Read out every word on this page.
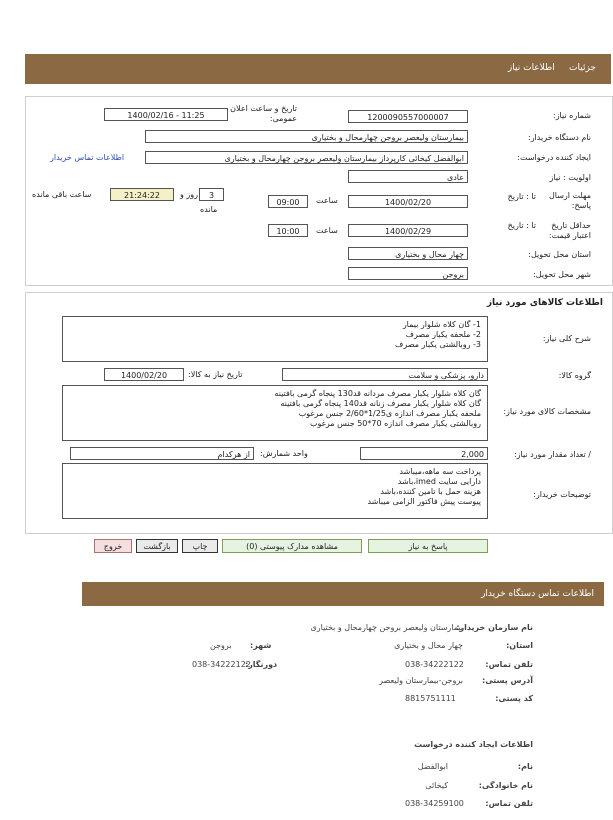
جزئیات     اطلاعات نیاز
شماره نیاز:
1200090557000007
تاریخ و ساعت اعلان عمومی:
1400/02/16 - 11:25
نام دستگاه خریدار:
بیمارستان ولیعصر بروجن چهارمحال و بختیاری
ایجاد کننده درخواست:
ابوالفضل کیخائی کارپرداز بیمارستان ولیعصر بروجن چهارمحال و بختیاری
اطلاعات تماس خریدار
اولویت : نیاز
عادی
مهلت ارسال پاسخ:
تا : تاریخ
1400/02/20
ساعت
09:00
3
روز و
مانده
21:24:22
ساعت باقی مانده
حداقل تاریخ اعتبار قیمت:
تا : تاریخ
1400/02/29
ساعت
10:00
استان محل تحویل:
چهار محال و بختیاری
شهر محل تحویل:
بروجن
اطلاعات کالاهای مورد نیاز
شرح کلی نیاز:
1- گان کلاه شلوار بیمار
2- ملحفه یکبار مصرف
3- روبالشتی یکبار مصرف
گروه کالا:
دارو، پزشکی و سلامت
تاریخ نیاز به کالا:
1400/02/20
مشخصات کالای مورد نیاز:
گان کلاه شلوار یکبار مصرف مردانه قد130 پنجاه گرمی بافتینه
گان کلاه شلوار یکبار مصرف زنانه قد140 پنجاه گرمی بافتینه
ملحفه یکبار مصرف اندازه ی1/25*2/60 جنس مرغوب
روبالشتی یکبار مصرف اندازه 70*50 جنس مرغوب
/ تعداد مقدار مورد نیاز:
2,000
واحد شمارش:
از هرکدام
توضیحات خریدار:
پرداخت سه ماهه،میباشد
دارایی سایت imed،باشد
هزینه حمل با تامین کننده،باشد
پیوست پیش فاکتور الزامی میباشد
پاسخ به نیاز
مشاهده مدارک پیوستی (0)
چاپ
بازگشت
خروج
اطلاعات تماس دستگاه خریدار
نام سازمان خریدار:
بیمارستان ولیعصر بروجن چهارمحال و بختیاری
استان:
چهار محال و بختیاری
شهر:
بروجن
تلفن تماس:
038-34222122
دورنگار:
038-34222122
آدرس پستی:
بروجن-بیمارستان ولیعصر
کد پستی:
8815751111
اطلاعات ایجاد کننده درخواست
نام:
ابوالفضل
نام خانوادگی:
کیخائی
تلفن تماس:
038-34259100
